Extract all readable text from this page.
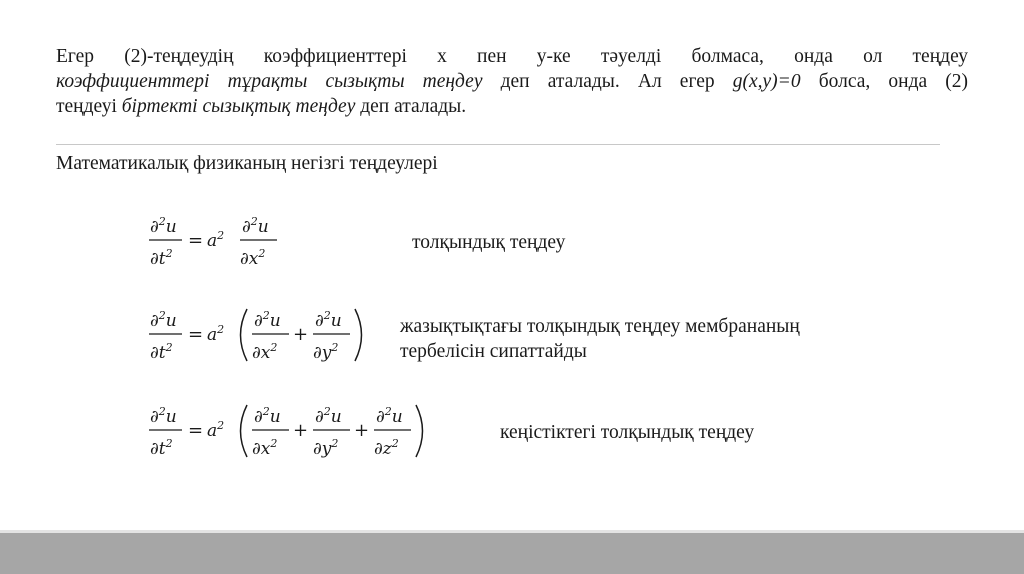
Егер (2)-теңдеудің коэффициенттері x пен y-ке тәуелді болмаса, онда ол теңдеу
коэффициенттері тұрақты сызықты теңдеу деп аталады. Ал егер g(x,y)=0 болса, онда (2)
теңдеуі біртекті сызықтық теңдеу деп аталады.
Математикалық физиканың негізгі теңдеулері
∂$^2$u
$\partial t^2$
= $a^2$ ∂$^2$u
$\partial x^2$
толқындық теңдеу
∂$^2$u
$\partial t^2$
= $a^2$ ∂$^2$u
$\partial x^2$
+
∂$^2$u
$\partial y^2$
жазықтықтағы толқындық теңдеу мембрананың
тербелісін сипаттайды
∂$^2$u
$\partial t^2$
= $a^2$ ∂$^2$u
$\partial x^2$
+
∂$^2$u
$\partial y^2$
+
∂$^2$u
$\partial z^2$
кеңістіктегі толқындық теңдеу
